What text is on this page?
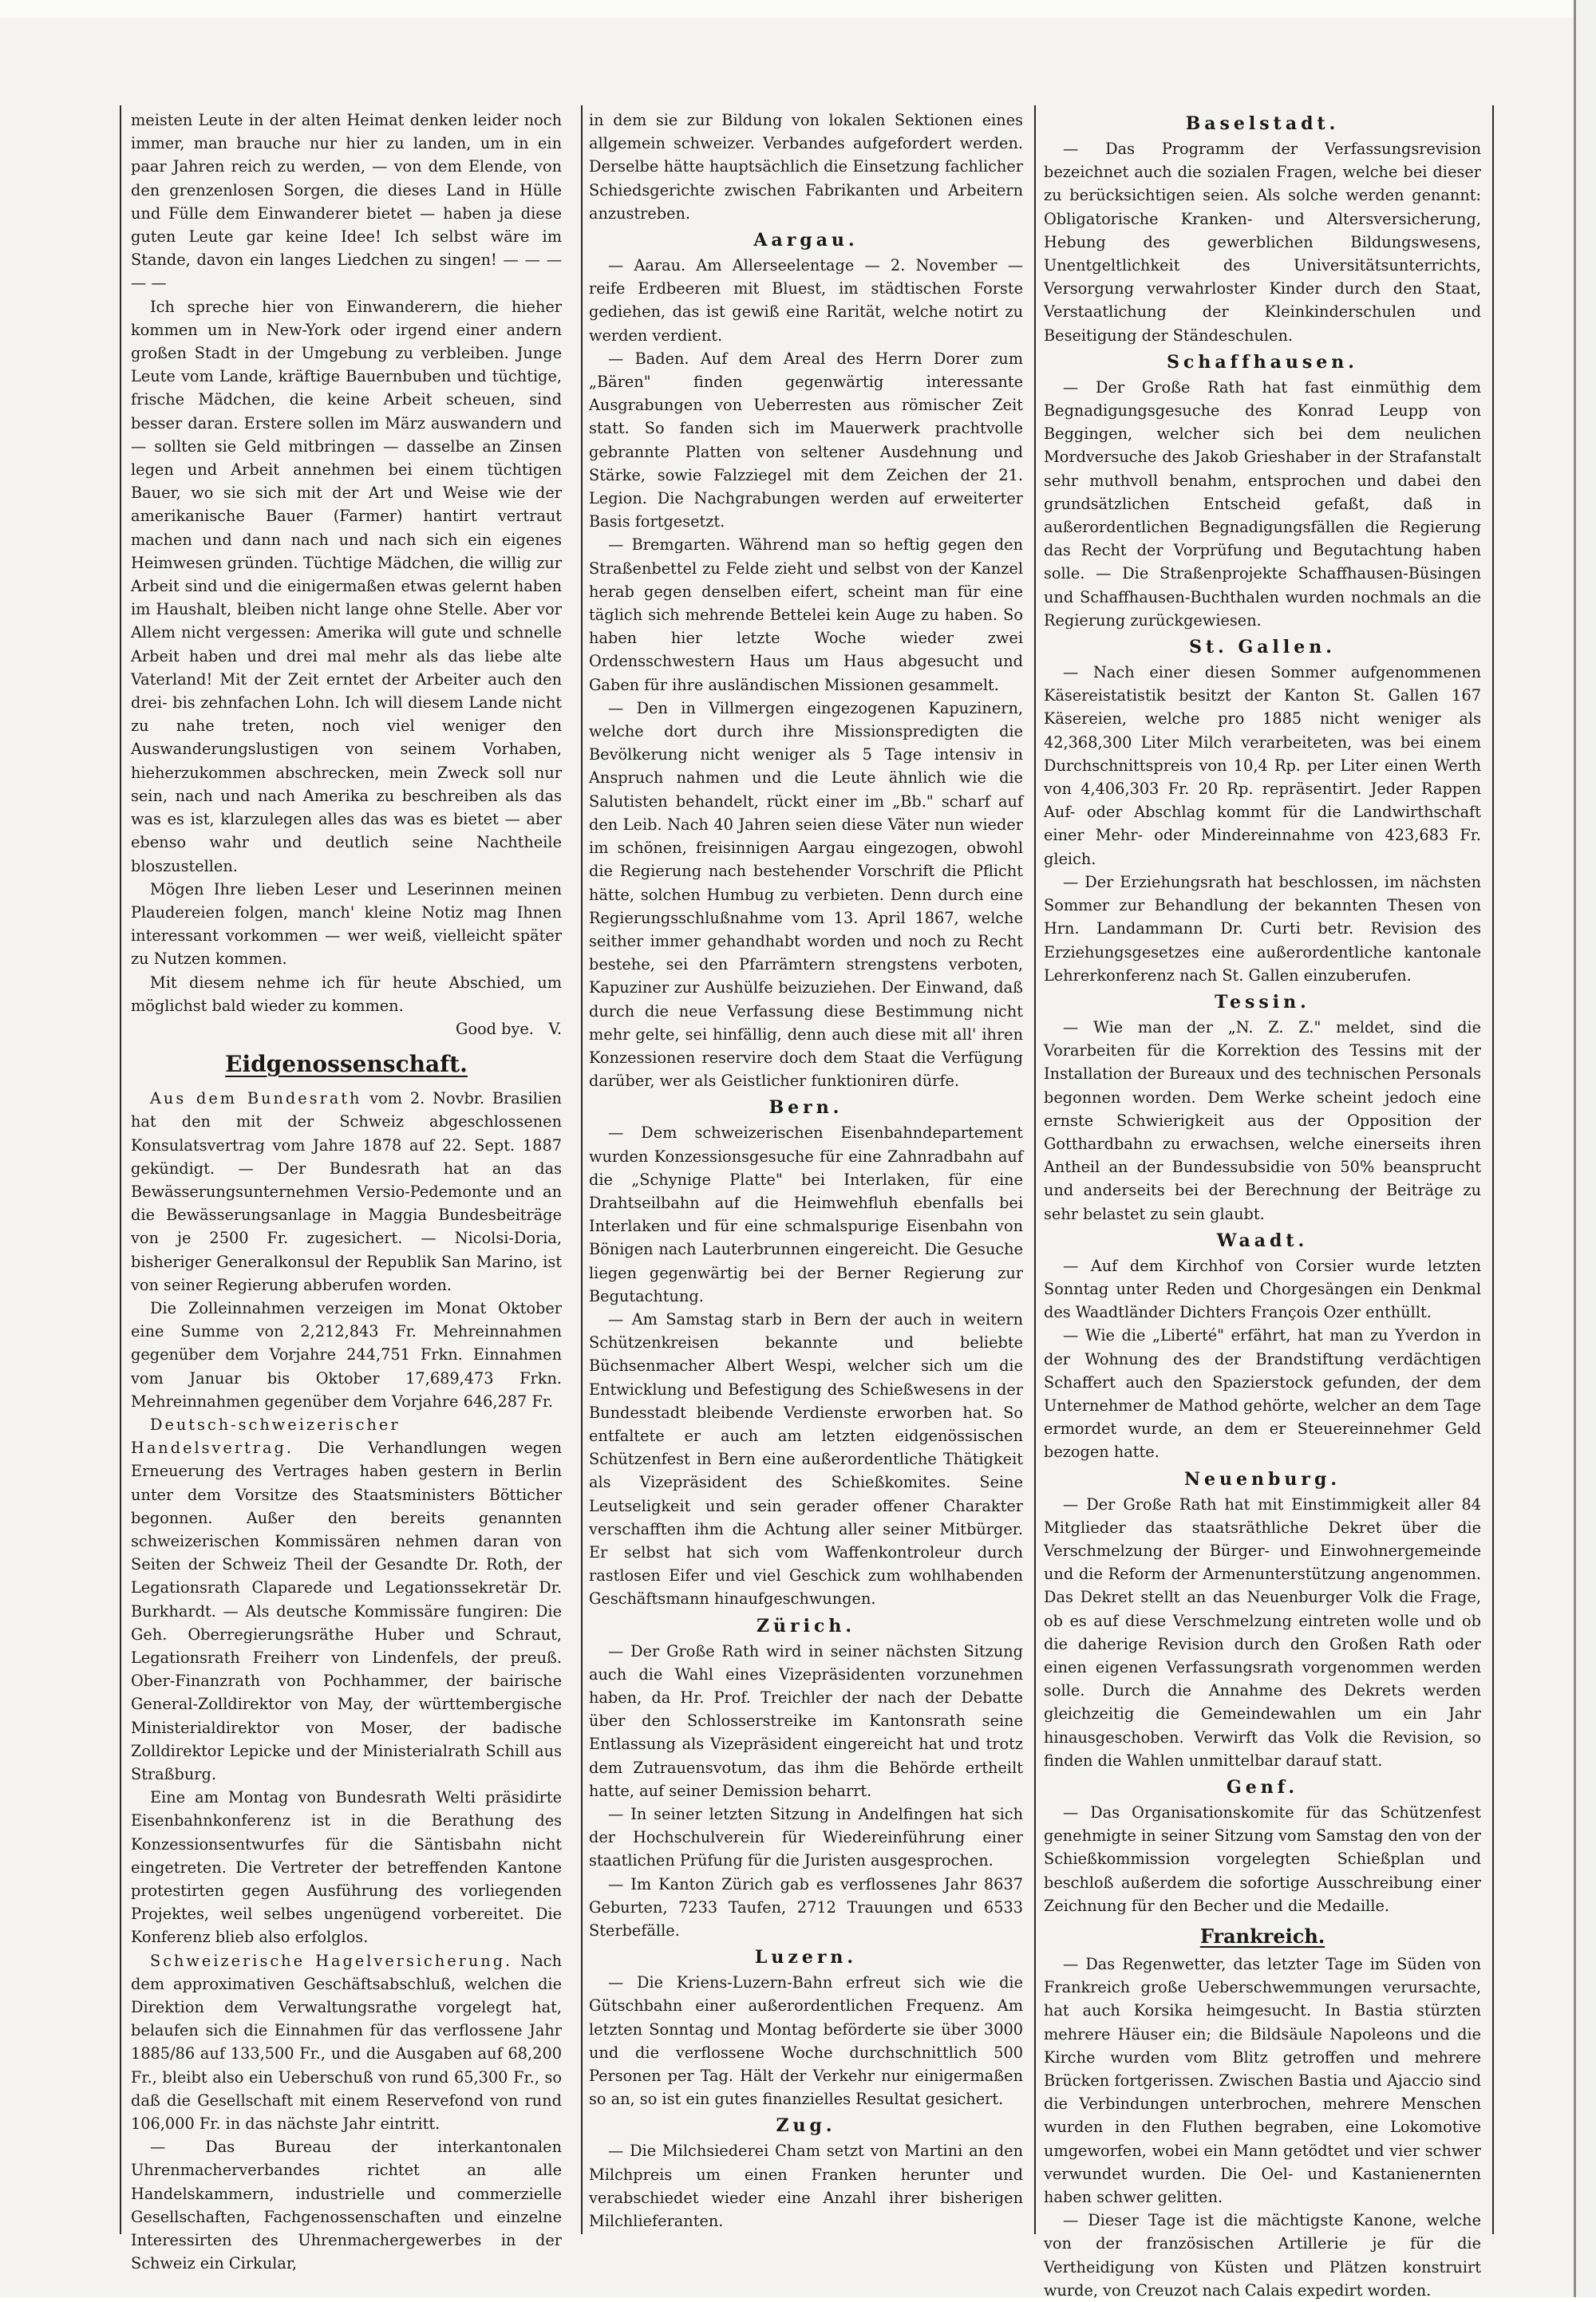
meisten Leute in der alten Heimat denken leider noch immer, man brauche nur hier zu landen, um in ein paar Jahren reich zu werden, — von dem Elende, von den grenzenlosen Sorgen, die dieses Land in Hülle und Fülle dem Einwanderer bietet — haben ja diese guten Leute gar keine Idee! Ich selbst wäre im Stande, davon ein langes Liedchen zu singen! — — — — —

Ich spreche hier von Einwanderern, die hieher kommen um in New-York oder irgend einer andern großen Stadt in der Umgebung zu verbleiben. Junge Leute vom Lande, kräftige Bauernbuben und tüchtige, frische Mädchen, die keine Arbeit scheuen, sind besser daran. Erstere sollen im März auswandern und — sollten sie Geld mitbringen — dasselbe an Zinsen legen und Arbeit annehmen bei einem tüchtigen Bauer, wo sie sich mit der Art und Weise wie der amerikanische Bauer (Farmer) hantirt vertraut machen und dann nach und nach sich ein eigenes Heimwesen gründen. Tüchtige Mädchen, die willig zur Arbeit sind und die einigermaßen etwas gelernt haben im Haushalt, bleiben nicht lange ohne Stelle. Aber vor Allem nicht vergessen: Amerika will gute und schnelle Arbeit haben und drei mal mehr als das liebe alte Vaterland! Mit der Zeit erntet der Arbeiter auch den drei- bis zehnfachen Lohn. Ich will diesem Lande nicht zu nahe treten, noch viel weniger den Auswanderungslustigen von seinem Vorhaben, hieherzukommen abschrecken, mein Zweck soll nur sein, nach und nach Amerika zu beschreiben als das was es ist, klarzulegen alles das was es bietet — aber ebenso wahr und deutlich seine Nachtheile bloszustellen.

Mögen Ihre lieben Leser und Leserinnen meinen Plaudereien folgen, manch' kleine Notiz mag Ihnen interessant vorkommen — wer weiß, vielleicht später zu Nutzen kommen.

Mit diesem nehme ich für heute Abschied, um möglichst bald wieder zu kommen.

Good bye. V.
Eidgenossenschaft.

Aus dem Bundesrath vom 2. Novbr. Brasilien hat den mit der Schweiz abgeschlossenen Konsulatsvertrag vom Jahre 1878 auf 22. Sept. 1887 gekündigt. — Der Bundesrath hat an das Bewässerungsunternehmen Versio-Pedemonte und an die Bewässerungsanlage in Maggia Bundesbeiträge von je 2500 Fr. zugesichert. — Nicolsi-Doria, bisheriger Generalkonsul der Republik San Marino, ist von seiner Regierung abberufen worden.

Die Zolleinnahmen verzeigen im Monat Oktober eine Summe von 2,212,843 Fr. Mehreinnahmen gegenüber dem Vorjahre 244,751 Frkn. Einnahmen vom Januar bis Oktober 17,689,473 Frkn. Mehreinnahmen gegenüber dem Vorjahre 646,287 Fr.

Deutsch-schweizerischer Handelsvertrag. Die Verhandlungen wegen Erneuerung des Vertrages haben gestern in Berlin unter dem Vorsitze des Staatsministers Bötticher begonnen. Außer den bereits genannten schweizerischen Kommissären nehmen daran von Seiten der Schweiz Theil der Gesandte Dr. Roth, der Legationsrath Claparede und Legationssekretär Dr. Burkhardt. — Als deutsche Kommissäre fungiren: Die Geh. Oberregierungsräthe Huber und Schraut, Legationsrath Freiherr von Lindenfels, der preuß. Ober-Finanzrath von Pochhammer, der bairische General-Zolldirektor von May, der württembergische Ministerialdirektor von Moser, der badische Zolldirektor Lepicke und der Ministerialrath Schill aus Straßburg.

Eine am Montag von Bundesrath Welti präsidirte Eisenbahnkonferenz ist in die Berathung des Konzessionsentwurfes für die Säntisbahn nicht eingetreten. Die Vertreter der betreffenden Kantone protestirten gegen Ausführung des vorliegenden Projektes, weil selbes ungenügend vorbereitet. Die Konferenz blieb also erfolglos.

Schweizerische Hagelversicherung. Nach dem approximativen Geschäftsabschluß, welchen die Direktion dem Verwaltungsrathe vorgelegt hat, belaufen sich die Einnahmen für das verflossene Jahr 1885/86 auf 133,500 Fr., und die Ausgaben auf 68,200 Fr., bleibt also ein Ueberschuß von rund 65,300 Fr., so daß die Gesellschaft mit einem Reservefond von rund 106,000 Fr. in das nächste Jahr eintritt.

— Das Bureau der interkantonalen Uhrenmacherverbandes richtet an alle Handelskammern, industrielle und commerzielle Gesellschaften, Fachgenossenschaften und einzelne Interessirten des Uhrenmachergewerbes in der Schweiz ein Cirkular,

in dem sie zur Bildung von lokalen Sektionen eines allgemein schweizer. Verbandes aufgefordert werden. Derselbe hätte hauptsächlich die Einsetzung fachlicher Schiedsgerichte zwischen Fabrikanten und Arbeitern anzustreben.

Aargau.

— Aarau. Am Allerseelentage — 2. November — reife Erdbeeren mit Bluest, im städtischen Forste gediehen, das ist gewiß eine Rarität, welche notirt zu werden verdient.

— Baden. Auf dem Areal des Herrn Dorer zum „Bären" finden gegenwärtig interessante Ausgrabungen von Ueberresten aus römischer Zeit statt. So fanden sich im Mauerwerk prachtvolle gebrannte Platten von seltener Ausdehnung und Stärke, sowie Falzziegel mit dem Zeichen der 21. Legion. Die Nachgrabungen werden auf erweiterter Basis fortgesetzt.

— Bremgarten. Während man so heftig gegen den Straßenbettel zu Felde zieht und selbst von der Kanzel herab gegen denselben eifert, scheint man für eine täglich sich mehrende Bettelei kein Auge zu haben. So haben hier letzte Woche wieder zwei Ordensschwestern Haus um Haus abgesucht und Gaben für ihre ausländischen Missionen gesammelt.

— Den in Villmergen eingezogenen Kapuzinern, welche dort durch ihre Missionspredigten die Bevölkerung nicht weniger als 5 Tage intensiv in Anspruch nahmen und die Leute ähnlich wie die Salutisten behandelt, rückt einer im „Bb." scharf auf den Leib. Nach 40 Jahren seien diese Väter nun wieder im schönen, freisinnigen Aargau eingezogen, obwohl die Regierung nach bestehender Vorschrift die Pflicht hätte, solchen Humbug zu verbieten. Denn durch eine Regierungsschlußnahme vom 13. April 1867, welche seither immer gehandhabt worden und noch zu Recht bestehe, sei den Pfarrämtern strengstens verboten, Kapuziner zur Aushülfe beizuziehen. Der Einwand, daß durch die neue Verfassung diese Bestimmung nicht mehr gelte, sei hinfällig, denn auch diese mit all' ihren Konzessionen reservire doch dem Staat die Verfügung darüber, wer als Geistlicher funktioniren dürfe.

Bern.

— Dem schweizerischen Eisenbahndepartement wurden Konzessionsgesuche für eine Zahnradbahn auf die „Schynige Platte" bei Interlaken, für eine Drahtseilbahn auf die Heimwehfluh ebenfalls bei Interlaken und für eine schmalspurige Eisenbahn von Bönigen nach Lauterbrunnen eingereicht. Die Gesuche liegen gegenwärtig bei der Berner Regierung zur Begutachtung.

— Am Samstag starb in Bern der auch in weitern Schützenkreisen bekannte und beliebte Büchsenmacher Albert Wespi, welcher sich um die Entwicklung und Befestigung des Schießwesens in der Bundesstadt bleibende Verdienste erworben hat. So entfaltete er auch am letzten eidgenössischen Schützenfest in Bern eine außerordentliche Thätigkeit als Vizepräsident des Schießkomites. Seine Leutseligkeit und sein gerader offener Charakter verschafften ihm die Achtung aller seiner Mitbürger. Er selbst hat sich vom Waffenkontroleur durch rastlosen Eifer und viel Geschick zum wohlhabenden Geschäftsmann hinaufgeschwungen.

Zürich.

— Der Große Rath wird in seiner nächsten Sitzung auch die Wahl eines Vizepräsidenten vorzunehmen haben, da Hr. Prof. Treichler der nach der Debatte über den Schlosserstreike im Kantonsrath seine Entlassung als Vizepräsident eingereicht hat und trotz dem Zutrauensvotum, das ihm die Behörde ertheilt hatte, auf seiner Demission beharrt.

— In seiner letzten Sitzung in Andelfingen hat sich der Hochschulverein für Wiedereinführung einer staatlichen Prüfung für die Juristen ausgesprochen.

— Im Kanton Zürich gab es verflossenes Jahr 8637 Geburten, 7233 Taufen, 2712 Trauungen und 6533 Sterbefälle.

Luzern.

— Die Kriens-Luzern-Bahn erfreut sich wie die Gütschbahn einer außerordentlichen Frequenz. Am letzten Sonntag und Montag beförderte sie über 3000 und die verflossene Woche durchschnittlich 500 Personen per Tag. Hält der Verkehr nur einigermaßen so an, so ist ein gutes finanzielles Resultat gesichert.

Zug.

— Die Milchsiederei Cham setzt von Martini an den Milchpreis um einen Franken herunter und verabschiedet wieder eine Anzahl ihrer bisherigen Milchlieferanten.

Baselstadt.

— Das Programm der Verfassungsrevision bezeichnet auch die sozialen Fragen, welche bei dieser zu berücksichtigen seien. Als solche werden genannt: Obligatorische Kranken- und Altersversicherung, Hebung des gewerblichen Bildungswesens, Unentgeltlichkeit des Universitätsunterrichts, Versorgung verwahrloster Kinder durch den Staat, Verstaatlichung der Kleinkinderschulen und Beseitigung der Ständeschulen.

Schaffhausen.

— Der Große Rath hat fast einmüthig dem Begnadigungsgesuche des Konrad Leupp von Beggingen, welcher sich bei dem neulichen Mordversuche des Jakob Grieshaber in der Strafanstalt sehr muthvoll benahm, entsprochen und dabei den grundsätzlichen Entscheid gefaßt, daß in außerordentlichen Begnadigungsfällen die Regierung das Recht der Vorprüfung und Begutachtung haben solle. — Die Straßenprojekte Schaffhausen-Büsingen und Schaffhausen-Buchthalen wurden nochmals an die Regierung zurückgewiesen.

St. Gallen.

— Nach einer diesen Sommer aufgenommenen Käsereistatistik besitzt der Kanton St. Gallen 167 Käsereien, welche pro 1885 nicht weniger als 42,368,300 Liter Milch verarbeiteten, was bei einem Durchschnittspreis von 10,4 Rp. per Liter einen Werth von 4,406,303 Fr. 20 Rp. repräsentirt. Jeder Rappen Auf- oder Abschlag kommt für die Landwirthschaft einer Mehr- oder Mindereinnahme von 423,683 Fr. gleich.

— Der Erziehungsrath hat beschlossen, im nächsten Sommer zur Behandlung der bekannten Thesen von Hrn. Landammann Dr. Curti betr. Revision des Erziehungsgesetzes eine außerordentliche kantonale Lehrerkonferenz nach St. Gallen einzuberufen.

Tessin.

— Wie man der „N. Z. Z." meldet, sind die Vorarbeiten für die Korrektion des Tessins mit der Installation der Bureaux und des technischen Personals begonnen worden. Dem Werke scheint jedoch eine ernste Schwierigkeit aus der Opposition der Gotthardbahn zu erwachsen, welche einerseits ihren Antheil an der Bundessubsidie von 50% beansprucht und anderseits bei der Berechnung der Beiträge zu sehr belastet zu sein glaubt.

Waadt.

— Auf dem Kirchhof von Corsier wurde letzten Sonntag unter Reden und Chorgesängen ein Denkmal des Waadtländer Dichters François Ozer enthüllt.

— Wie die „Liberté" erfährt, hat man zu Yverdon in der Wohnung des der Brandstiftung verdächtigen Schaffert auch den Spazierstock gefunden, der dem Unternehmer de Mathod gehörte, welcher an dem Tage ermordet wurde, an dem er Steuereinnehmer Geld bezogen hatte.

Neuenburg.

— Der Große Rath hat mit Einstimmigkeit aller 84 Mitglieder das staatsräthliche Dekret über die Verschmelzung der Bürger- und Einwohnergemeinde und die Reform der Armenunterstützung angenommen. Das Dekret stellt an das Neuenburger Volk die Frage, ob es auf diese Verschmelzung eintreten wolle und ob die daherige Revision durch den Großen Rath oder einen eigenen Verfassungsrath vorgenommen werden solle. Durch die Annahme des Dekrets werden gleichzeitig die Gemeindewahlen um ein Jahr hinausgeschoben. Verwirft das Volk die Revision, so finden die Wahlen unmittelbar darauf statt.

Genf.

— Das Organisationskomite für das Schützenfest genehmigte in seiner Sitzung vom Samstag den von der Schießkommission vorgelegten Schießplan und beschloß außerdem die sofortige Ausschreibung einer Zeichnung für den Becher und die Medaille.

Frankreich.

— Das Regenwetter, das letzter Tage im Süden von Frankreich große Ueberschwemmungen verursachte, hat auch Korsika heimgesucht. In Bastia stürzten mehrere Häuser ein; die Bildsäule Napoleons und die Kirche wurden vom Blitz getroffen und mehrere Brücken fortgerissen. Zwischen Bastia und Ajaccio sind die Verbindungen unterbrochen, mehrere Menschen wurden in den Fluthen begraben, eine Lokomotive umgeworfen, wobei ein Mann getödtet und vier schwer verwundet wurden. Die Oel- und Kastanienernten haben schwer gelitten.

— Dieser Tage ist die mächtigste Kanone, welche von der französischen Artillerie je für die Vertheidigung von Küsten und Plätzen konstruirt wurde, von Creuzot nach Calais expedirt worden.
